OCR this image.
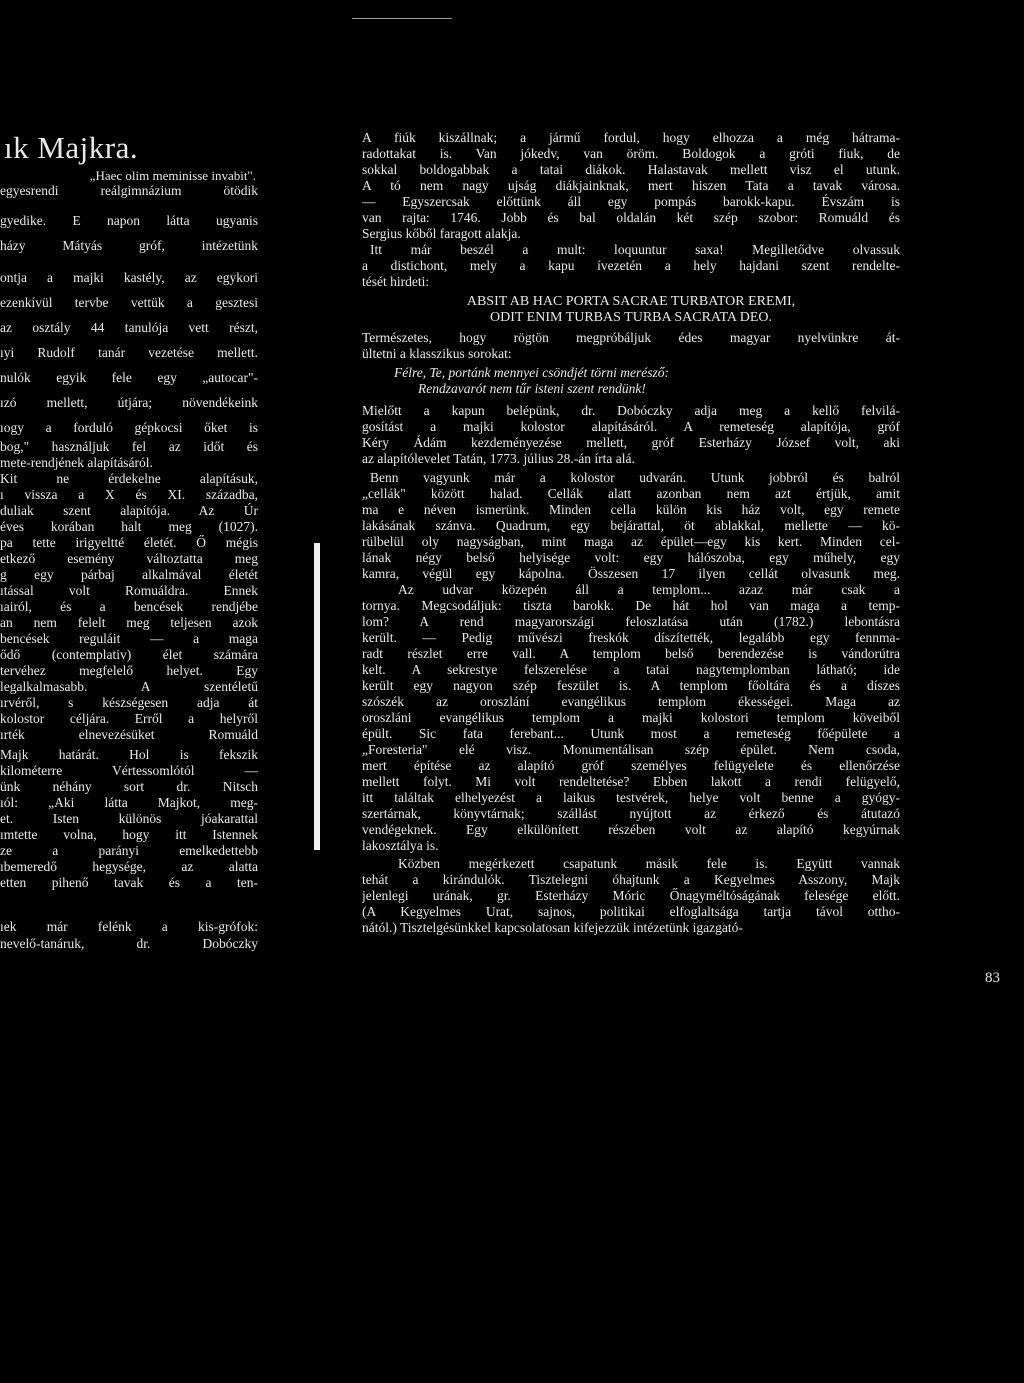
ık Majkra.
„Haec olim meminisse invabit".
egyesrendi reálgimnázium ötödik
gyedike. E napon látta ugyanis
házy Mátyás gróf, intézetünk
ontja a majki kastély, az egykori
ezenkívül tervbe vettük a gesztesi
az osztály 44 tanulója vett részt,
ıyi Rudolf tanár vezetése mellett.
nulók egyik fele egy „autocar"-
ızó mellett, útjára; növendékeink
ıogy a forduló gépkocsi őket is
bog," használjuk fel az időt és
mete-rendjének alapításáról.
Kit ne érdekelne alapításuk,
ı vissza a X és XI. századba,
duliak szent alapítója. Az Úr
éves korában halt meg (1027).
pa tette irigyeltté életét. Ő mégis
etkező esemény változtatta meg
g egy párbaj alkalmával életét
ıtással volt Romuáldra. Ennek
ıairól, és a bencések rendjébe
an nem felelt meg teljesen azok
bencések reguláit — a maga
ődő (contemplativ) élet számára
tervéhez megfelelő helyet. Egy
legalkalmasabb. A szentéletű
ırvéről, s készségesen adja át
kolostor céljára. Erről a helyről
ırték elnevezésüket Romuáld
Majk határát. Hol is fekszik
kilométerre Vértessomlótól —
ünk néhány sort dr. Nitsch
ıól: „Aki látta Majkot, meg-
et. Isten különös jóakarattal
ımtette volna, hogy itt Istennek
ze a parányi emelkedettebb
ıbemeredő hegysége, az alatta
etten pihenő tavak és a ten-
ıek már felénk a kis-grófok:
nevelő-tanáruk, dr. Dobóczky
A fiúk kiszállnak; a jármű fordul, hogy elhozza a még hátrama-
radottakat is. Van jókedv, van öröm. Boldogok a gróti fiuk, de
sokkal boldogabbak a tatai diákok. Halastavak mellett visz el utunk.
A tó nem nagy ujság diákjainknak, mert hiszen Tata a tavak városa.
— Egyszercsak előttünk áll egy pompás barokk-kapu. Évszám is
van rajta: 1746. Jobb és bal oldalán két szép szobor: Romuáld és
Sergius kőből faragott alakja.
Itt már beszél a mult: loquuntur saxa! Megilletődve olvassuk
a distichont, mely a kapu ívezetén a hely hajdani szent rendelte-
tését hirdeti:
ABSIT AB HAC PORTA SACRAE TURBATOR EREMI,
ODIT ENIM TURBAS TURBA SACRATA DEO.
Természetes, hogy rögtön megpróbáljuk édes magyar nyelvünkre át-
ültetni a klasszikus sorokat:
Félre, Te, portánk mennyei csöndjét törni merésző:
Rendzavarót nem tűr isteni szent rendünk!
Mielőtt a kapun belépünk, dr. Dobóczky adja meg a kellő felvilá-
gosítást a majki kolostor alapításáról. A remeteség alapítója, gróf
Kéry Ádám kezdeményezése mellett, gróf Esterházy József volt, aki
az alapítólevelet Tatán, 1773. július 28.-án írta alá.
Benn vagyunk már a kolostor udvarán. Utunk jobbról és balról
„cellák" között halad. Cellák alatt azonban nem azt értjük, amit
ma e néven ismerünk. Minden cella külön kis ház volt, egy remete
lakásának szánva. Quadrum, egy bejárattal, öt ablakkal, mellette — kö-
rülbelül oly nagyságban, mint maga az épület—egy kis kert. Minden cel-
lának négy belső helyisége volt: egy hálószoba, egy műhely, egy
kamra, végül egy kápolna. Összesen 17 ilyen cellát olvasunk meg.
Az udvar közepén áll a templom... azaz már csak a
tornya. Megcsodáljuk: tiszta barokk. De hát hol van maga a temp-
lom? A rend magyarországi feloszlatása után (1782.) lebontásra
került. — Pedig művészi freskók díszítették, legalább egy fennma-
radt részlet erre vall. A templom belső berendezése is vándorútra
kelt. A sekrestye felszerelése a tatai nagytemplomban látható; ide
került egy nagyon szép feszület is. A templom főoltára és a díszes
szószék az oroszlání evangélikus templom ékességei. Maga az
oroszláni evangélikus templom a majki kolostori templom köveiből
épült. Sic fata ferebant... Utunk most a remeteség főépülete a
„Foresteria" elé visz. Monumentálisan szép épület. Nem csoda,
mert építése az alapító gróf személyes felügyelete és ellenőrzése
mellett folyt. Mi volt rendeltetése? Ebben lakott a rendi felügyelő,
itt találtak elhelyezést a laikus testvérek, helye volt benne a gyógy-
szertárnak, könyvtárnak; szállást nyújtott az érkező és átutazó
vendégeknek. Egy elkülönített részében volt az alapító kegyúrnak
lakosztálya is.
Közben megérkezett csapatunk másik fele is. Együtt vannak
tehát a kirándulók. Tisztelegni óhajtunk a Kegyelmes Asszony, Majk
jelenlegi urának, gr. Esterházy Móric Őnagyméltóságának felesége előtt.
(A Kegyelmes Urat, sajnos, politikai elfoglaltsága tartja távol ottho-
nától.) Tisztelgésünkkel kapcsolatosan kifejezzük intézetünk igazgató-
83
